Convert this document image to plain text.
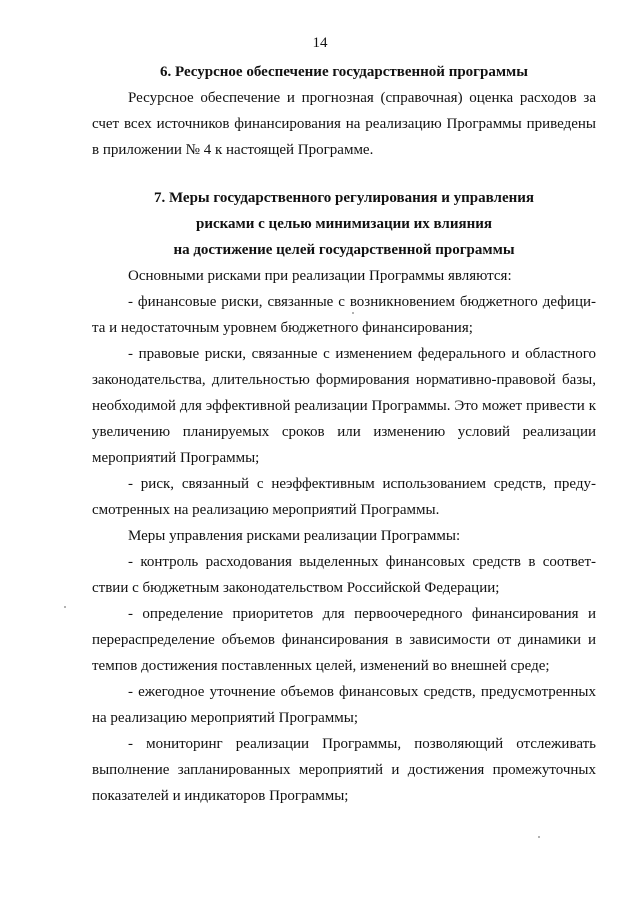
14

6. Ресурсное обеспечение государственной программы

Ресурсное обеспечение и прогнозная (справочная) оценка расходов за счет всех источников финансирования на реализацию Программы приведены в приложении № 4 к настоящей Программе.

7. Меры государственного регулирования и управления
рисками с целью минимизации их влияния
на достижение целей государственной программы

Основными рисками при реализации Программы являются:

- финансовые риски, связанные с возникновением бюджетного дефицита и недостаточным уровнем бюджетного финансирования;

- правовые риски, связанные с изменением федерального и областного законодательства, длительностью формирования нормативно-правовой базы, необходимой для эффективной реализации Программы. Это может привести к увеличению планируемых сроков или изменению условий реализации мероприятий Программы;

- риск, связанный с неэффективным использованием средств, предусмотренных на реализацию мероприятий Программы.

Меры управления рисками реализации Программы:

- контроль расходования выделенных финансовых средств в соответствии с бюджетным законодательством Российской Федерации;

- определение приоритетов для первоочередного финансирования и перераспределение объемов финансирования в зависимости от динамики и темпов достижения поставленных целей, изменений во внешней среде;

- ежегодное уточнение объемов финансовых средств, предусмотренных на реализацию мероприятий Программы;

- мониторинг реализации Программы, позволяющий отслеживать выполнение запланированных мероприятий и достижения промежуточных показателей и индикаторов Программы;
